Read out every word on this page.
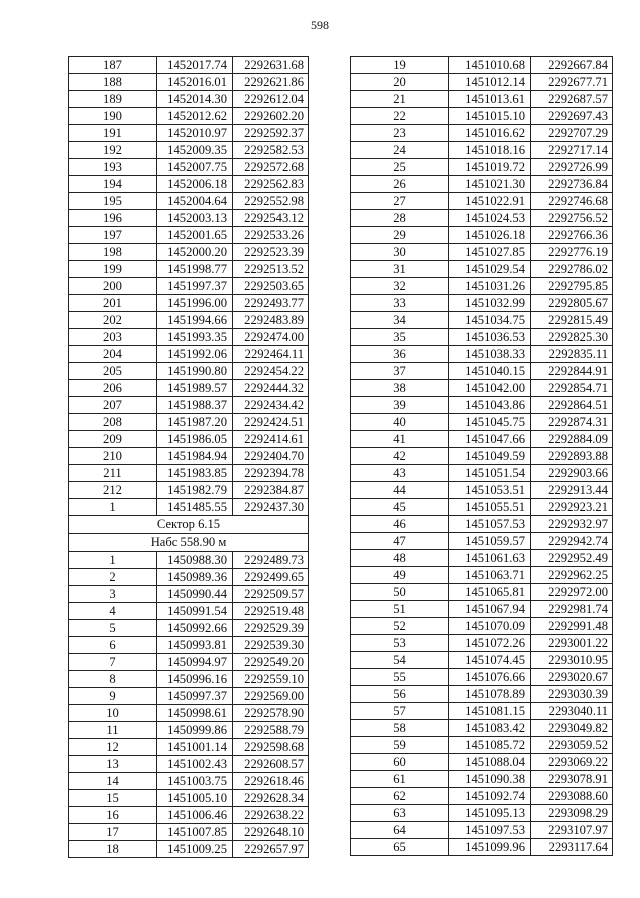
598
187	1452017.74	2292631.68
188	1452016.01	2292621.86
189	1452014.30	2292612.04
190	1452012.62	2292602.20
191	1452010.97	2292592.37
192	1452009.35	2292582.53
193	1452007.75	2292572.68
194	1452006.18	2292562.83
195	1452004.64	2292552.98
196	1452003.13	2292543.12
197	1452001.65	2292533.26
198	1452000.20	2292523.39
199	1451998.77	2292513.52
200	1451997.37	2292503.65
201	1451996.00	2292493.77
202	1451994.66	2292483.89
203	1451993.35	2292474.00
204	1451992.06	2292464.11
205	1451990.80	2292454.22
206	1451989.57	2292444.32
207	1451988.37	2292434.42
208	1451987.20	2292424.51
209	1451986.05	2292414.61
210	1451984.94	2292404.70
211	1451983.85	2292394.78
212	1451982.79	2292384.87
1	1451485.55	2292437.30
Сектор 6.15		
Набс 558.90 м		
1	1450988.30	2292489.73
2	1450989.36	2292499.65
3	1450990.44	2292509.57
4	1450991.54	2292519.48
5	1450992.66	2292529.39
6	1450993.81	2292539.30
7	1450994.97	2292549.20
8	1450996.16	2292559.10
9	1450997.37	2292569.00
10	1450998.61	2292578.90
11	1450999.86	2292588.79
12	1451001.14	2292598.68
13	1451002.43	2292608.57
14	1451003.75	2292618.46
15	1451005.10	2292628.34
16	1451006.46	2292638.22
17	1451007.85	2292648.10
18	1451009.25	2292657.97
19	1451010.68	2292667.84
20	1451012.14	2292677.71
21	1451013.61	2292687.57
22	1451015.10	2292697.43
23	1451016.62	2292707.29
24	1451018.16	2292717.14
25	1451019.72	2292726.99
26	1451021.30	2292736.84
27	1451022.91	2292746.68
28	1451024.53	2292756.52
29	1451026.18	2292766.36
30	1451027.85	2292776.19
31	1451029.54	2292786.02
32	1451031.26	2292795.85
33	1451032.99	2292805.67
34	1451034.75	2292815.49
35	1451036.53	2292825.30
36	1451038.33	2292835.11
37	1451040.15	2292844.91
38	1451042.00	2292854.71
39	1451043.86	2292864.51
40	1451045.75	2292874.31
41	1451047.66	2292884.09
42	1451049.59	2292893.88
43	1451051.54	2292903.66
44	1451053.51	2292913.44
45	1451055.51	2292923.21
46	1451057.53	2292932.97
47	1451059.57	2292942.74
48	1451061.63	2292952.49
49	1451063.71	2292962.25
50	1451065.81	2292972.00
51	1451067.94	2292981.74
52	1451070.09	2292991.48
53	1451072.26	2293001.22
54	1451074.45	2293010.95
55	1451076.66	2293020.67
56	1451078.89	2293030.39
57	1451081.15	2293040.11
58	1451083.42	2293049.82
59	1451085.72	2293059.52
60	1451088.04	2293069.22
61	1451090.38	2293078.91
62	1451092.74	2293088.60
63	1451095.13	2293098.29
64	1451097.53	2293107.97
65	1451099.96	2293117.64
